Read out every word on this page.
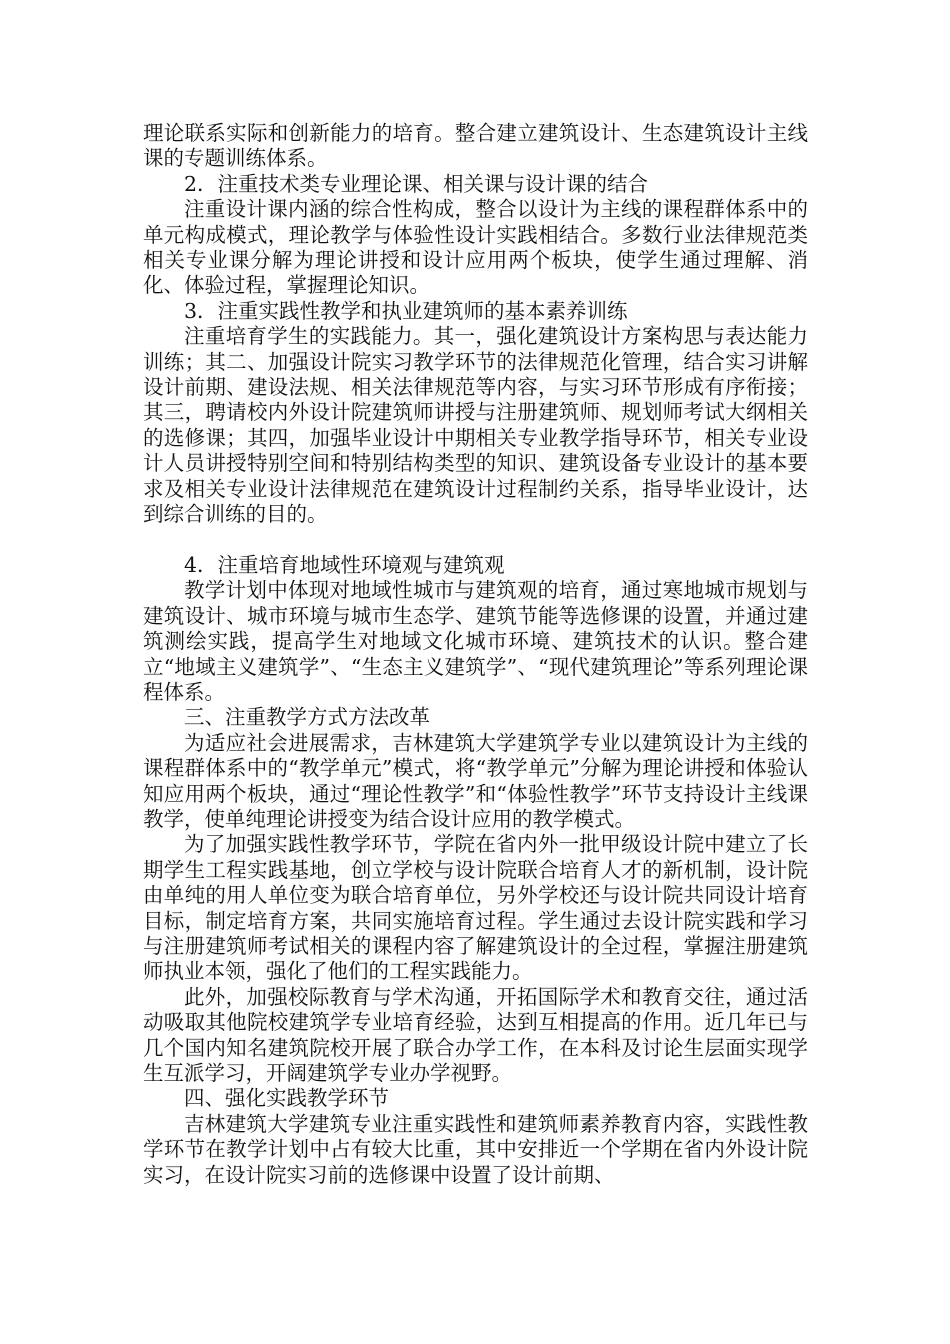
理论联系实际和创新能力的培育。整合建立建筑设计、生态建筑设计主线课的专题训练体系。

2．注重技术类专业理论课、相关课与设计课的结合

注重设计课内涵的综合性构成，整合以设计为主线的课程群体系中的单元构成模式，理论教学与体验性设计实践相结合。多数行业法律规范类相关专业课分解为理论讲授和设计应用两个板块，使学生通过理解、消化、体验过程，掌握理论知识。

3．注重实践性教学和执业建筑师的基本素养训练

注重培育学生的实践能力。其一，强化建筑设计方案构思与表达能力训练；其二、加强设计院实习教学环节的法律规范化管理，结合实习讲解设计前期、建设法规、相关法律规范等内容，与实习环节形成有序衔接；其三，聘请校内外设计院建筑师讲授与注册建筑师、规划师考试大纲相关的选修课；其四，加强毕业设计中期相关专业教学指导环节，相关专业设计人员讲授特别空间和特别结构类型的知识、建筑设备专业设计的基本要求及相关专业设计法律规范在建筑设计过程制约关系，指导毕业设计，达到综合训练的目的。

4．注重培育地域性环境观与建筑观

教学计划中体现对地域性城市与建筑观的培育，通过寒地城市规划与建筑设计、城市环境与城市生态学、建筑节能等选修课的设置，并通过建筑测绘实践，提高学生对地域文化城市环境、建筑技术的认识。整合建立“地域主义建筑学”、“生态主义建筑学”、“现代建筑理论”等系列理论课程体系。

三、注重教学方式方法改革

为适应社会进展需求，吉林建筑大学建筑学专业以建筑设计为主线的课程群体系中的“教学单元”模式，将“教学单元”分解为理论讲授和体验认知应用两个板块，通过“理论性教学”和“体验性教学”环节支持设计主线课教学，使单纯理论讲授变为结合设计应用的教学模式。

为了加强实践性教学环节，学院在省内外一批甲级设计院中建立了长期学生工程实践基地，创立学校与设计院联合培育人才的新机制，设计院由单纯的用人单位变为联合培育单位，另外学校还与设计院共同设计培育目标，制定培育方案，共同实施培育过程。学生通过去设计院实践和学习与注册建筑师考试相关的课程内容了解建筑设计的全过程，掌握注册建筑师执业本领，强化了他们的工程实践能力。

此外，加强校际教育与学术沟通，开拓国际学术和教育交往，通过活动吸取其他院校建筑学专业培育经验，达到互相提高的作用。近几年已与几个国内知名建筑院校开展了联合办学工作，在本科及讨论生层面实现学生互派学习，开阔建筑学专业办学视野。

四、强化实践教学环节

吉林建筑大学建筑专业注重实践性和建筑师素养教育内容，实践性教学环节在教学计划中占有较大比重，其中安排近一个学期在省内外设计院实习，在设计院实习前的选修课中设置了设计前期、
